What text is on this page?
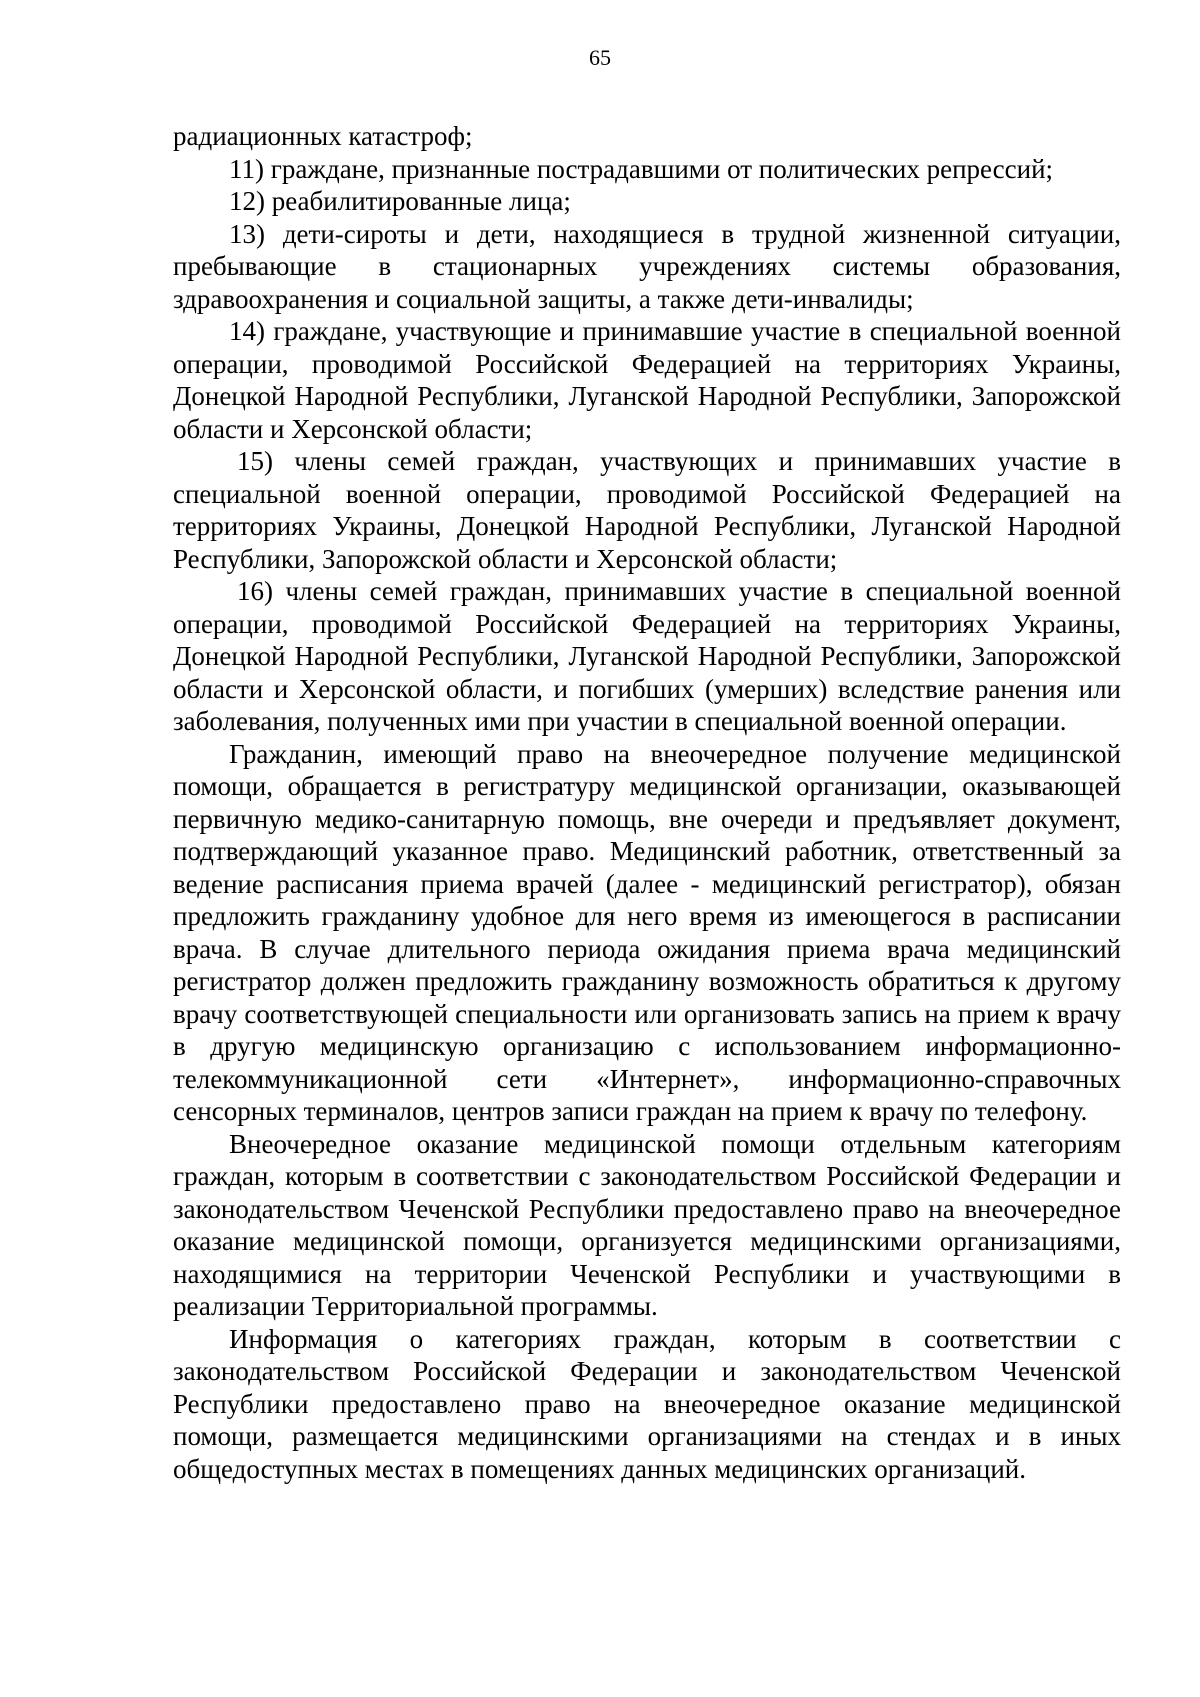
65

радиационных катастроф;

11) граждане, признанные пострадавшими от политических репрессий;

12) реабилитированные лица;

13) дети-сироты и дети, находящиеся в трудной жизненной ситуации, пребывающие в стационарных учреждениях системы образования, здравоохранения и социальной защиты, а также дети-инвалиды;

14) граждане, участвующие и принимавшие участие в специальной военной операции, проводимой Российской Федерацией на территориях Украины, Донецкой Народной Республики, Луганской Народной Республики, Запорожской области и Херсонской области;

15) члены семей граждан, участвующих и принимавших участие в специальной военной операции, проводимой Российской Федерацией на территориях Украины, Донецкой Народной Республики, Луганской Народной Республики, Запорожской области и Херсонской области;

16) члены семей граждан, принимавших участие в специальной военной операции, проводимой Российской Федерацией на территориях Украины, Донецкой Народной Республики, Луганской Народной Республики, Запорожской области и Херсонской области, и погибших (умерших) вследствие ранения или заболевания, полученных ими при участии в специальной военной операции.

Гражданин, имеющий право на внеочередное получение медицинской помощи, обращается в регистратуру медицинской организации, оказывающей первичную медико-санитарную помощь, вне очереди и предъявляет документ, подтверждающий указанное право. Медицинский работник, ответственный за ведение расписания приема врачей (далее - медицинский регистратор), обязан предложить гражданину удобное для него время из имеющегося в расписании врача. В случае длительного периода ожидания приема врача медицинский регистратор должен предложить гражданину возможность обратиться к другому врачу соответствующей специальности или организовать запись на прием к врачу в другую медицинскую организацию с использованием информационно-телекоммуникационной сети «Интернет», информационно-справочных сенсорных терминалов, центров записи граждан на прием к врачу по телефону.

Внеочередное оказание медицинской помощи отдельным категориям граждан, которым в соответствии с законодательством Российской Федерации и законодательством Чеченской Республики предоставлено право на внеочередное оказание медицинской помощи, организуется медицинскими организациями, находящимися на территории Чеченской Республики и участвующими в реализации Территориальной программы.

Информация о категориях граждан, которым в соответствии с законодательством Российской Федерации и законодательством Чеченской Республики предоставлено право на внеочередное оказание медицинской помощи, размещается медицинскими организациями на стендах и в иных общедоступных местах в помещениях данных медицинских организаций.
